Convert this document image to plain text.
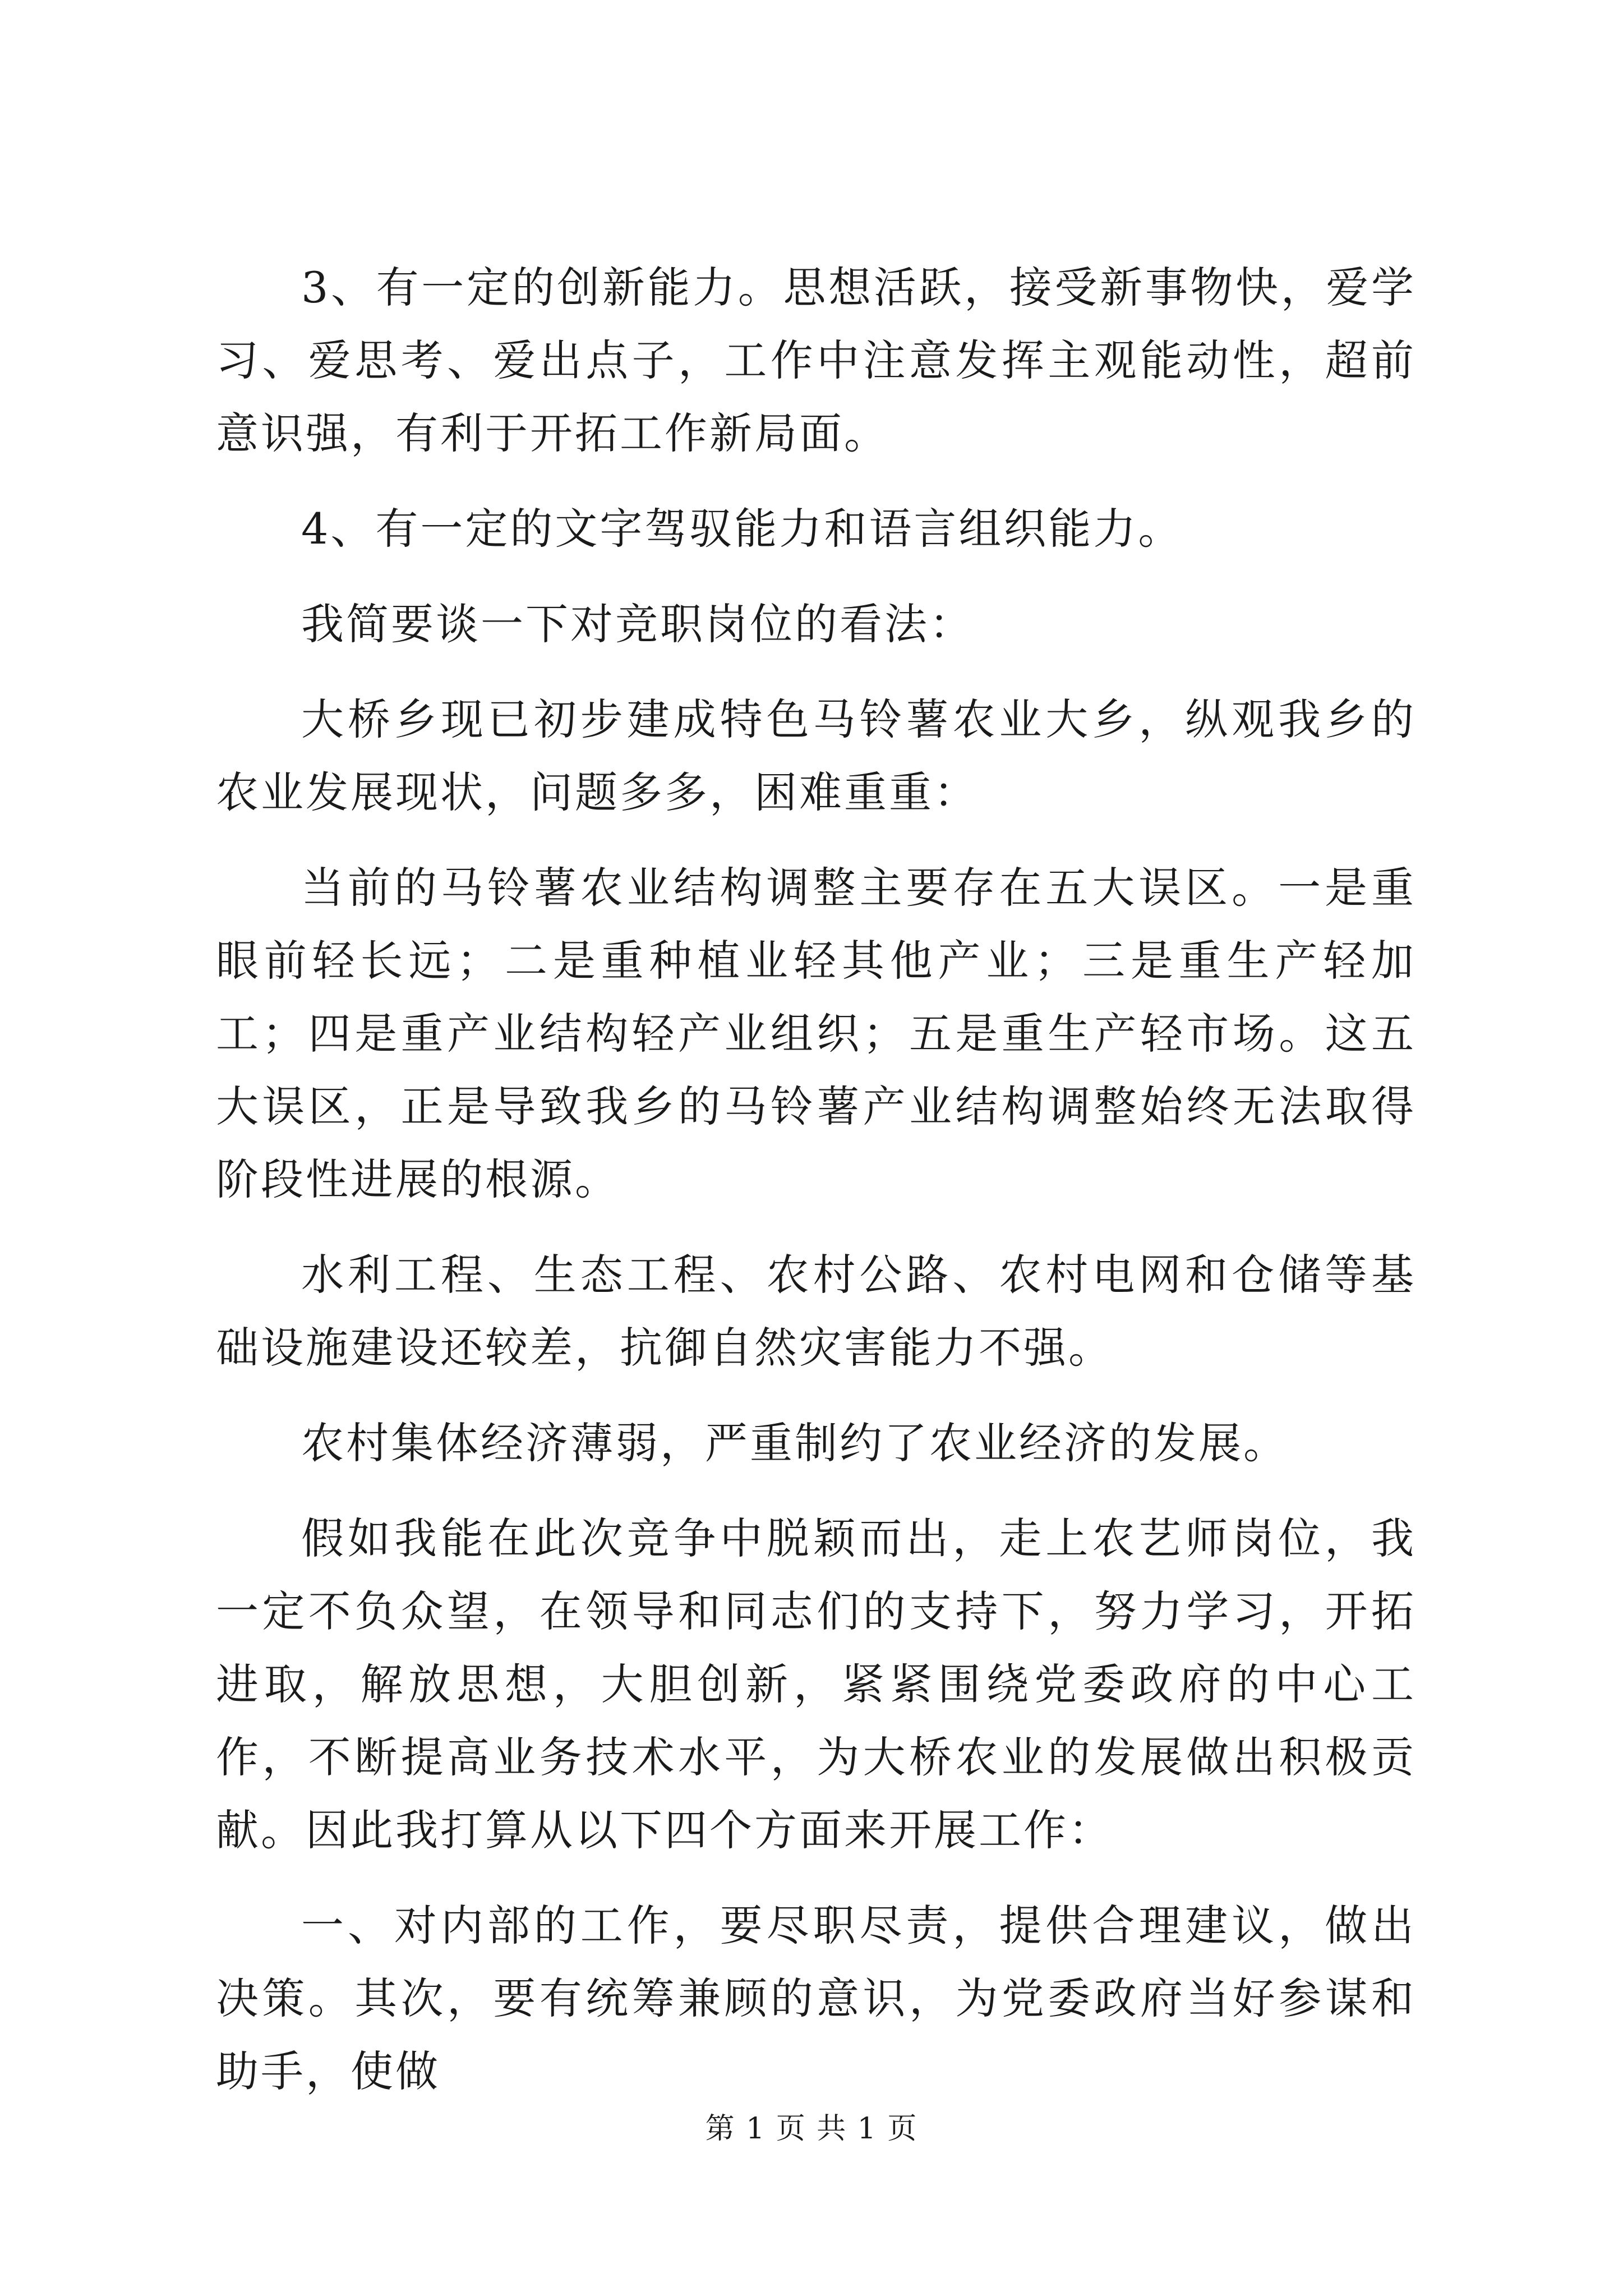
3、有一定的创新能力。思想活跃，接受新事物快，爱学习、爱思考、爱出点子，工作中注意发挥主观能动性，超前意识强，有利于开拓工作新局面。

4、有一定的文字驾驭能力和语言组织能力。

我简要谈一下对竞职岗位的看法：

大桥乡现已初步建成特色马铃薯农业大乡，纵观我乡的农业发展现状，问题多多，困难重重：

当前的马铃薯农业结构调整主要存在五大误区。一是重眼前轻长远；二是重种植业轻其他产业；三是重生产轻加工；四是重产业结构轻产业组织；五是重生产轻市场。这五大误区，正是导致我乡的马铃薯产业结构调整始终无法取得阶段性进展的根源。

水利工程、生态工程、农村公路、农村电网和仓储等基础设施建设还较差，抗御自然灾害能力不强。

农村集体经济薄弱，严重制约了农业经济的发展。

假如我能在此次竞争中脱颖而出，走上农艺师岗位，我一定不负众望，在领导和同志们的支持下，努力学习，开拓进取，解放思想，大胆创新，紧紧围绕党委政府的中心工作，不断提高业务技术水平，为大桥农业的发展做出积极贡献。因此我打算从以下四个方面来开展工作：

一、对内部的工作，要尽职尽责，提供合理建议，做出决策。其次，要有统筹兼顾的意识，为党委政府当好参谋和助手，使做

第 1 页 共 1 页
